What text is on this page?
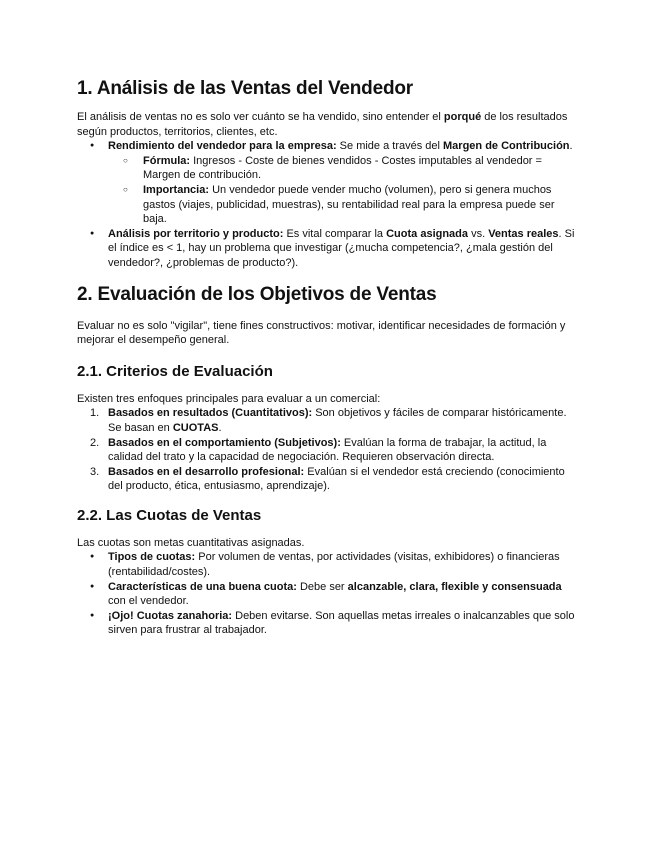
1. Análisis de las Ventas del Vendedor

El análisis de ventas no es solo ver cuánto se ha vendido, sino entender el porqué de los resultados según productos, territorios, clientes, etc.

● Rendimiento del vendedor para la empresa: Se mide a través del Margen de Contribución.
○ Fórmula: Ingresos - Coste de bienes vendidos - Costes imputables al vendedor = Margen de contribución.
○ Importancia: Un vendedor puede vender mucho (volumen), pero si genera muchos gastos (viajes, publicidad, muestras), su rentabilidad real para la empresa puede ser baja.
● Análisis por territorio y producto: Es vital comparar la Cuota asignada vs. Ventas reales. Si el índice es < 1, hay un problema que investigar (¿mucha competencia?, ¿mala gestión del vendedor?, ¿problemas de producto?).
2. Evaluación de los Objetivos de Ventas

Evaluar no es solo "vigilar", tiene fines constructivos: motivar, identificar necesidades de formación y mejorar el desempeño general.

2.1. Criterios de Evaluación

Existen tres enfoques principales para evaluar a un comercial:

1. Basados en resultados (Cuantitativos): Son objetivos y fáciles de comparar históricamente. Se basan en CUOTAS.
2. Basados en el comportamiento (Subjetivos): Evalúan la forma de trabajar, la actitud, la calidad del trato y la capacidad de negociación. Requieren observación directa.
3. Basados en el desarrollo profesional: Evalúan si el vendedor está creciendo (conocimiento del producto, ética, entusiasmo, aprendizaje).
2.2. Las Cuotas de Ventas

Las cuotas son metas cuantitativas asignadas.

● Tipos de cuotas: Por volumen de ventas, por actividades (visitas, exhibidores) o financieras (rentabilidad/costes).
● Características de una buena cuota: Debe ser alcanzable, clara, flexible y consensuada con el vendedor.
● ¡Ojo! Cuotas zanahoria: Deben evitarse. Son aquellas metas irreales o inalcanzables que solo sirven para frustrar al trabajador.
